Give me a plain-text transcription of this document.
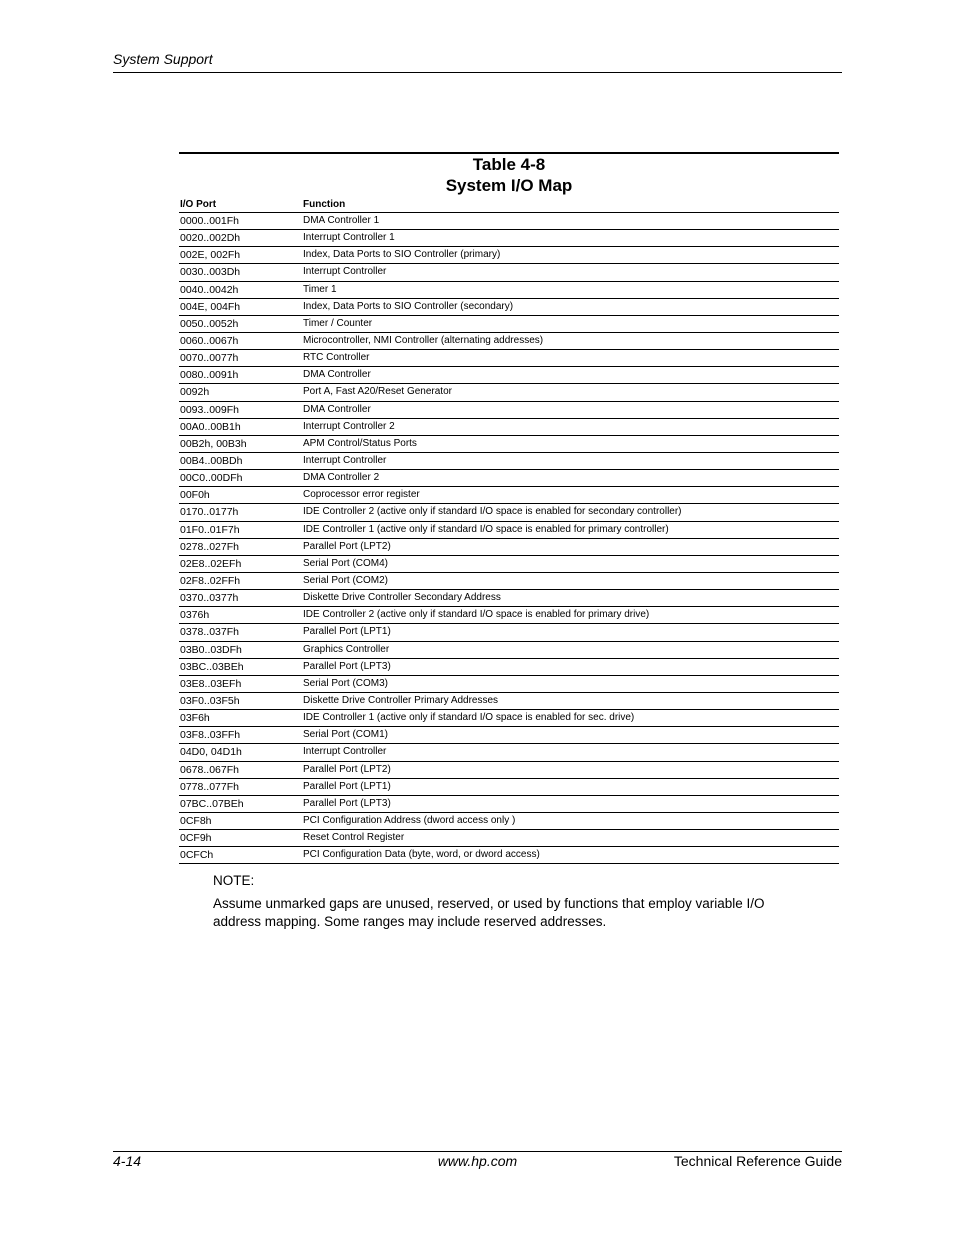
System Support
Table 4-8
System I/O Map
I/O Port	Function
0000..001Fh	DMA Controller 1
0020..002Dh	Interrupt Controller 1
002E, 002Fh	Index, Data Ports to SIO Controller (primary)
0030..003Dh	Interrupt Controller
0040..0042h	Timer 1
004E, 004Fh	Index, Data Ports to SIO Controller (secondary)
0050..0052h	Timer / Counter
0060..0067h	Microcontroller, NMI Controller (alternating addresses)
0070..0077h	RTC Controller
0080..0091h	DMA Controller
0092h	Port A, Fast A20/Reset Generator
0093..009Fh	DMA Controller
00A0..00B1h	Interrupt Controller 2
00B2h, 00B3h	APM Control/Status Ports
00B4..00BDh	Interrupt Controller
00C0..00DFh	DMA Controller 2
00F0h	Coprocessor error register
0170..0177h	IDE Controller 2 (active only if standard I/O space is enabled for secondary controller)
01F0..01F7h	IDE Controller 1 (active only if standard I/O space is enabled for primary controller)
0278..027Fh	Parallel Port (LPT2)
02E8..02EFh	Serial Port (COM4)
02F8..02FFh	Serial Port (COM2)
0370..0377h	Diskette Drive Controller Secondary Address
0376h	IDE Controller 2 (active only if standard I/O space is enabled for primary drive)
0378..037Fh	Parallel Port (LPT1)
03B0..03DFh	Graphics Controller
03BC..03BEh	Parallel Port (LPT3)
03E8..03EFh	Serial Port (COM3)
03F0..03F5h	Diskette Drive Controller Primary Addresses
03F6h	IDE Controller 1 (active only if standard I/O space is enabled for sec. drive)
03F8..03FFh	Serial Port (COM1)
04D0, 04D1h	Interrupt Controller
0678..067Fh	Parallel Port (LPT2)
0778..077Fh	Parallel Port (LPT1)
07BC..07BEh	Parallel Port (LPT3)
0CF8h	PCI Configuration Address (dword access only )
0CF9h	Reset Control Register
0CFCh	PCI Configuration Data (byte, word, or dword access)
NOTE:
Assume unmarked gaps are unused, reserved, or used by functions that employ variable I/O address mapping. Some ranges may include reserved addresses.
4-14	www.hp.com	Technical Reference Guide
